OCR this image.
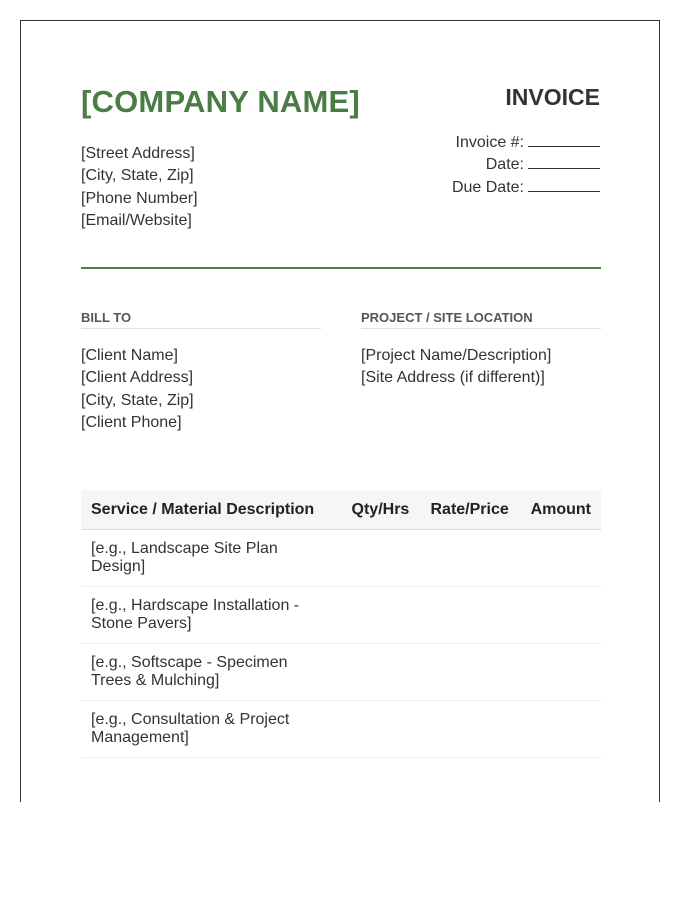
[COMPANY NAME]	INVOICE
[Street Address]
[City, State, Zip]
[Phone Number]
[Email/Website]
Invoice #:
Date:
Due Date:
BILL TO	PROJECT / SITE LOCATION
[Client Name]
[Client Address]
[City, State, Zip]
[Client Phone]
[Project Name/Description]
[Site Address (if different)]
Service / Material Description	Qty/Hrs	Rate/Price	Amount
[e.g., Landscape Site Plan Design]			
[e.g., Hardscape Installation - Stone Pavers]			
[e.g., Softscape - Specimen Trees & Mulching]			
[e.g., Consultation & Project Management]			
